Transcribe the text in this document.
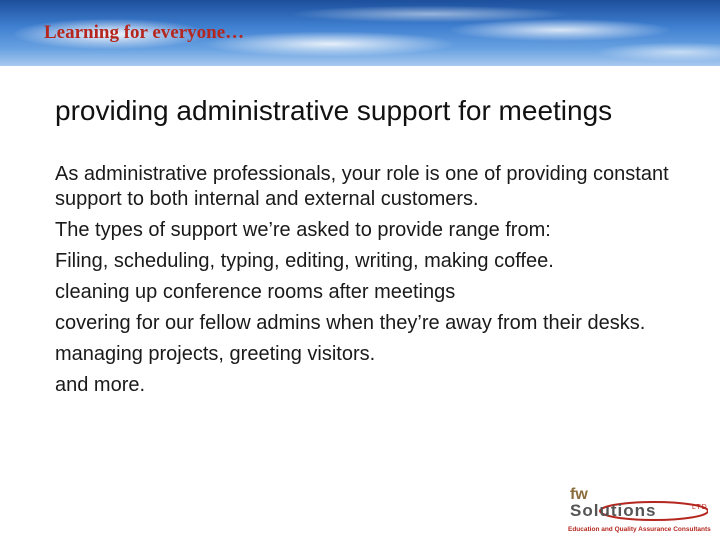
Learning for everyone…
providing administrative support for meetings

As administrative professionals, your role is one of providing constant support to both internal and external customers.

The types of support we’re asked to provide range from:

Filing, scheduling, typing, editing, writing, making coffee.

cleaning up conference rooms after meetings

covering for our fellow admins when they’re away from their desks.

managing projects, greeting visitors.

and more.

fw
Solutions	LTD
Education and Quality Assurance Consultants
